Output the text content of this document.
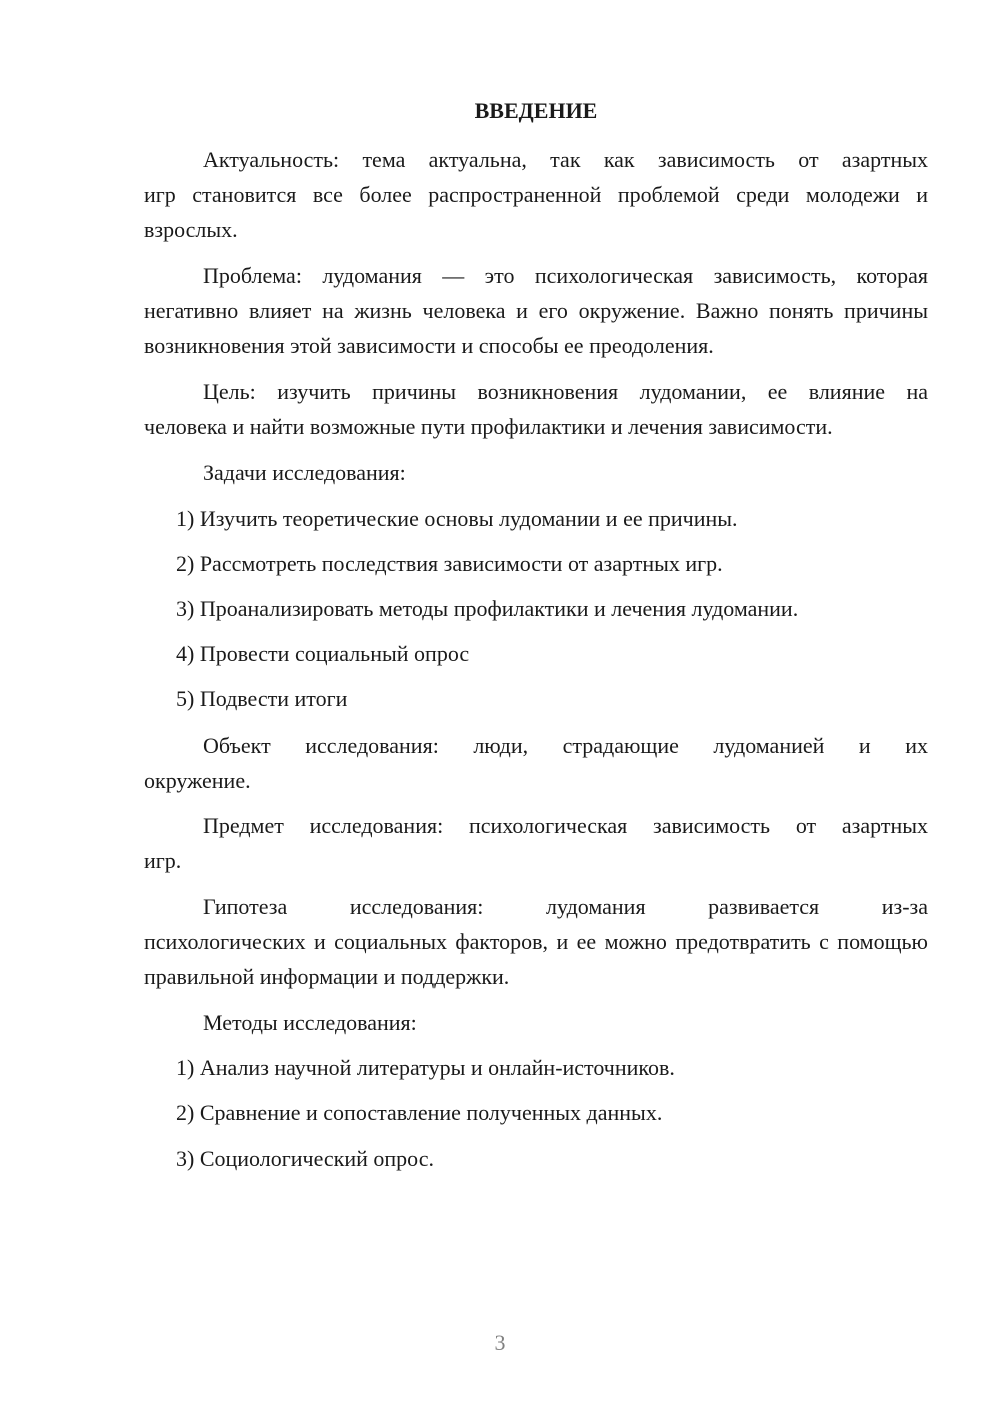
ВВЕДЕНИЕ

Актуальность: тема актуальна, так как зависимость от азартных
игр становится все более распространенной проблемой среди молодежи и взрослых.

Проблема: лудомания — это психологическая зависимость, которая
негативно влияет на жизнь человека и его окружение. Важно понять причины возникновения этой зависимости и способы ее преодоления.

Цель: изучить причины возникновения лудомании, ее влияние на
человека и найти возможные пути профилактики и лечения зависимости.

Задачи исследования:

1) Изучить теоретические основы лудомании и ее причины.

2) Рассмотреть последствия зависимости от азартных игр.

3) Проанализировать методы профилактики и лечения лудомании.

4) Провести социальный опрос

5) Подвести итоги

Объект исследования: люди, страдающие лудоманией и их
окружение.

Предмет исследования: психологическая зависимость от азартных
игр.

Гипотеза исследования: лудомания развивается из-за
психологических и социальных факторов, и ее можно предотвратить с помощью правильной информации и поддержки.

Методы исследования:

1) Анализ научной литературы и онлайн-источников.

2) Сравнение и сопоставление полученных данных.

3) Социологический опрос.

3
